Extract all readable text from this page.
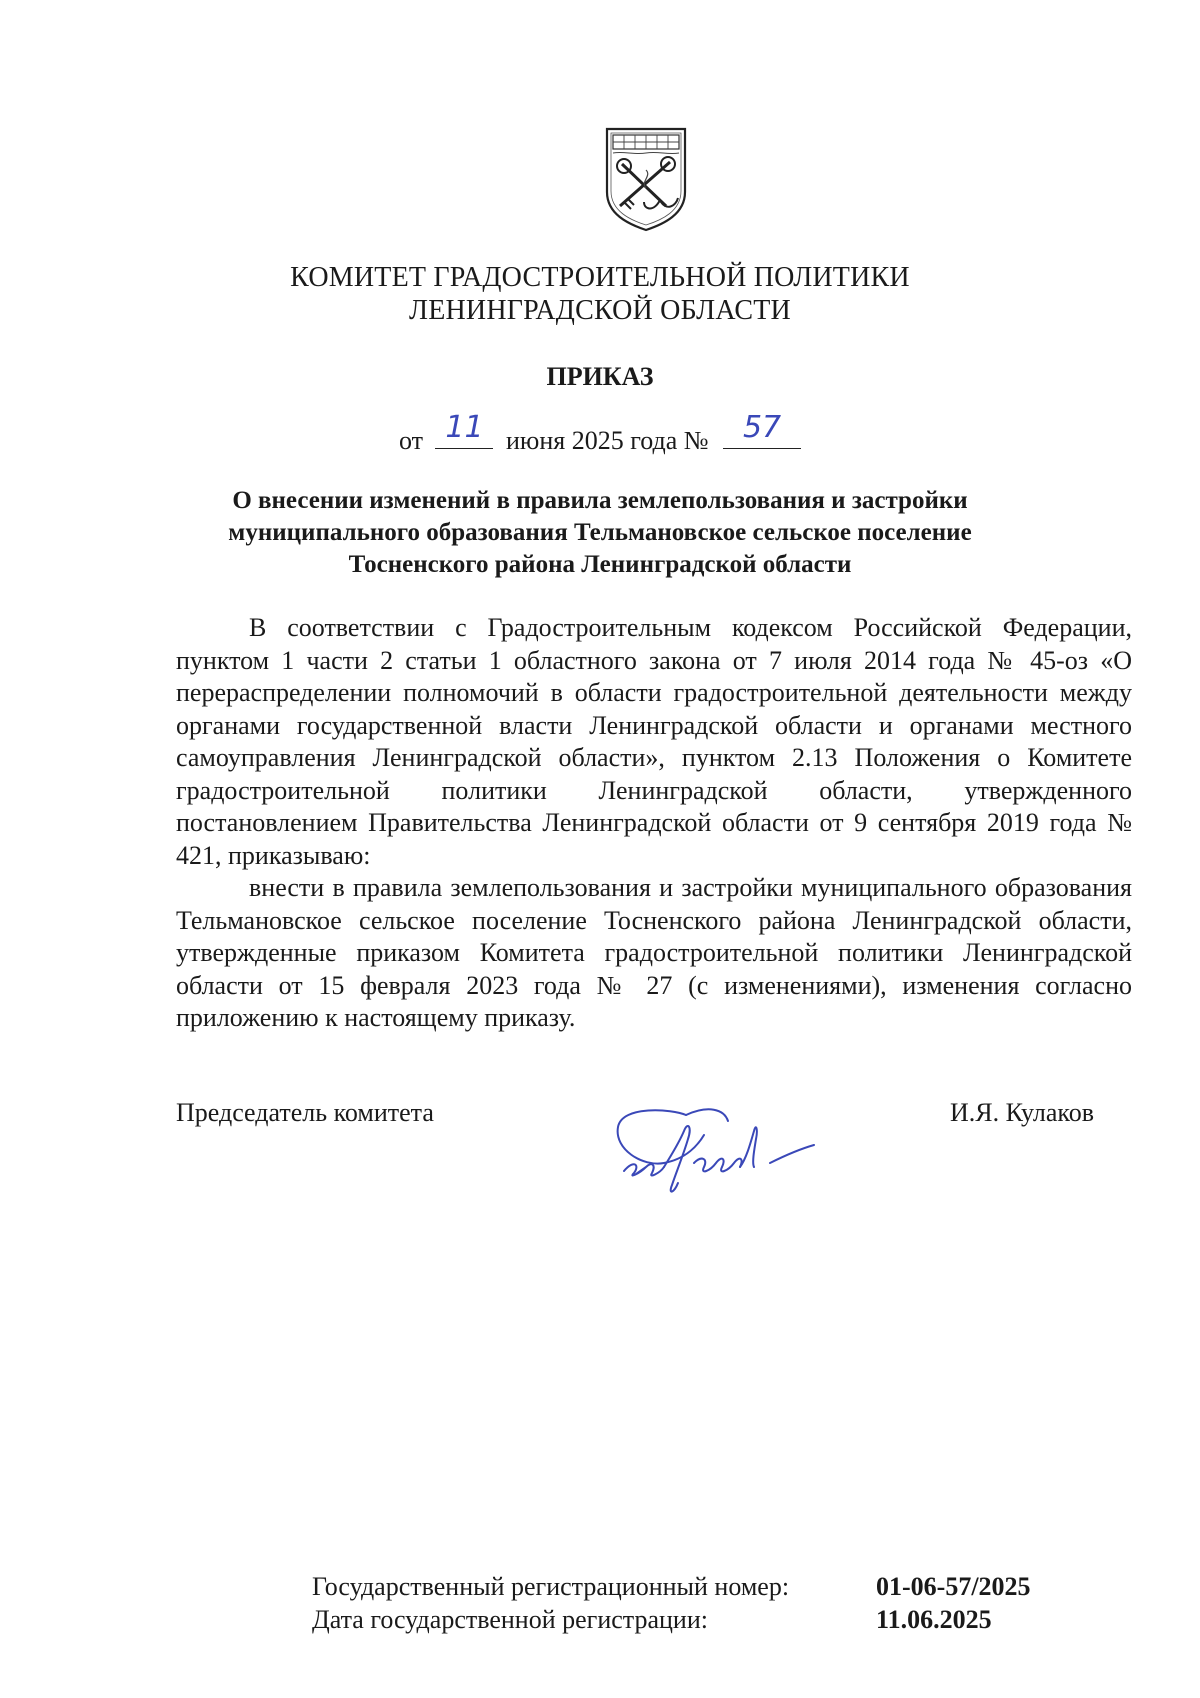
КОМИТЕТ ГРАДОСТРОИТЕЛЬНОЙ ПОЛИТИКИ
ЛЕНИНГРАДСКОЙ ОБЛАСТИ
ПРИКАЗ
от 11 июня 2025 года №	57
О внесении изменений в правила землепользования и застройки
муниципального образования Тельмановское сельское поселение
Тосненского района Ленинградской области

В соответствии с Градостроительным кодексом Российской Федерации, пунктом 1 части 2 статьи 1 областного закона от 7 июля 2014 года № 45-оз «О перераспределении полномочий в области градостроительной деятельности между органами государственной власти Ленинградской области и органами местного самоуправления Ленинградской области», пунктом 2.13 Положения о Комитете градостроительной политики Ленинградской области, утвержденного постановлением Правительства Ленинградской области от 9 сентября 2019 года № 421, приказываю:

внести в правила землепользования и застройки муниципального образования Тельмановское сельское поселение Тосненского района Ленинградской области, утвержденные приказом Комитета градостроительной политики Ленинградской области от 15 февраля 2023 года № 27 (с изменениями), изменения согласно приложению к настоящему приказу.

Председатель комитета	И.Я. Кулаков
Государственный регистрационный номер:	01-06-57/2025
Дата государственной регистрации:	11.06.2025
